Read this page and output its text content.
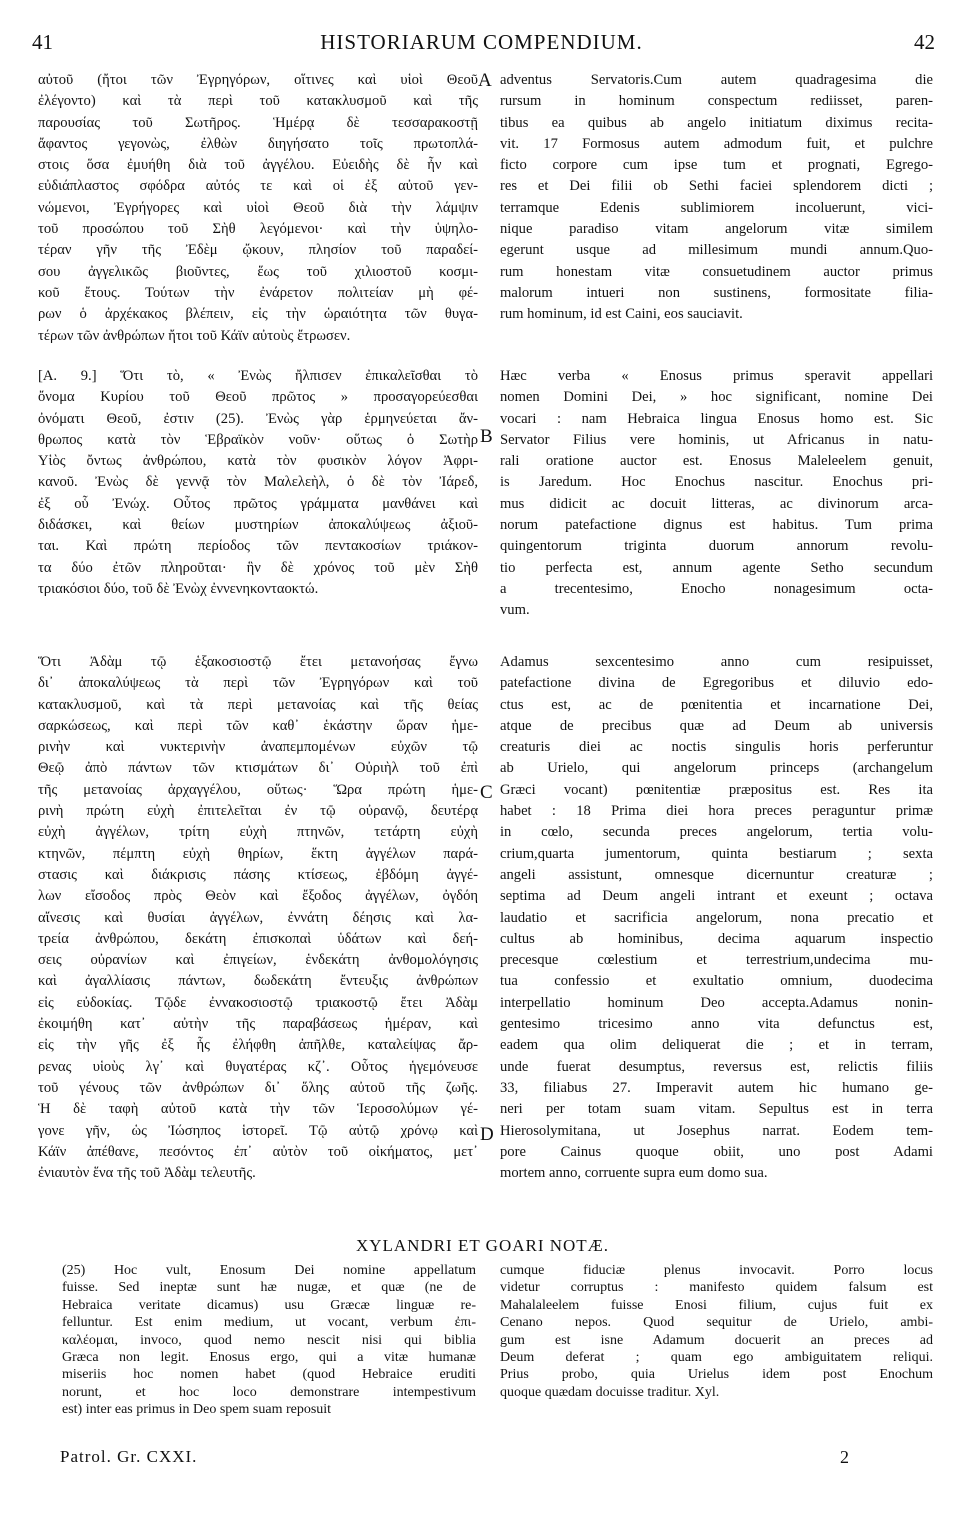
41	HISTORIARUM COMPENDIUM.	42
αὐτοῦ (ἤτοι τῶν Ἐγρηγόρων, οἵτινες καὶ υἱοὶ Θεοῦ
ἐλέγοντο) καὶ τὰ περὶ τοῦ κατακλυσμοῦ καὶ τῆς
παρουσίας τοῦ Σωτῆρος. Ἡμέρᾳ δὲ τεσσαρακοστῇ
ἄφαντος γεγονὼς, ἐλθὼν διηγήσατο τοῖς πρωτοπλά-
στοις ὅσα ἐμυήθη διὰ τοῦ ἀγγέλου. Εὐειδὴς δὲ ἦν καὶ
εὐδιάπλαστος σφόδρα αὐτός τε καὶ οἱ ἐξ αὐτοῦ γεν-
νώμενοι, Ἐγρήγορες καὶ υἱοὶ Θεοῦ διὰ τὴν λάμψιν
τοῦ προσώπου τοῦ Σὴθ λεγόμενοι· καὶ τὴν ὑψηλο-
τέραν γῆν τῆς Ἐδὲμ ᾤκουν, πλησίον τοῦ παραδεί-
σου ἀγγελικῶς βιοῦντες, ἕως τοῦ χιλιοστοῦ κοσμι-
κοῦ ἔτους. Τούτων τὴν ἐνάρετον πολιτείαν μὴ φέ-
ρων ὁ ἀρχέκακος βλέπειν, εἰς τὴν ὡραιότητα τῶν θυγα-
τέρων τῶν ἀνθρώπων ἤτοι τοῦ Κάϊν αὐτοὺς ἔτρωσεν.
adventus Servatoris.Cum autem quadragesima die
rursum in hominum conspectum rediisset, paren-
tibus ea quibus ab angelo initiatum diximus recita-
vit. 17 Formosus autem admodum fuit, et pulchre
ficto corpore cum ipse tum et prognati, Egrego-
res et Dei filii ob Sethi faciei splendorem dicti ;
terramque Edenis sublimiorem incoluerunt, vici-
nique paradiso vitam angelorum vitæ similem
egerunt usque ad millesimum mundi annum.Quo-
rum honestam vitæ consuetudinem auctor primus
malorum intueri non sustinens, formositate filia-
rum hominum, id est Caini, eos sauciavit.
[A. 9.] Ὅτι τὸ, « Ἐνὼς ἤλπισεν ἐπικαλεῖσθαι τὸ
ὄνομα Κυρίου τοῦ Θεοῦ πρῶτος » προσαγορεύεσθαι
ὀνόματι Θεοῦ, ἐστιν (25). Ἐνὼς γὰρ ἑρμηνεύεται ἄν-
θρωπος κατὰ τὸν Ἑβραϊκὸν νοῦν· οὕτως ὁ Σωτὴρ
Υἱὸς ὄντως ἀνθρώπου, κατὰ τὸν φυσικὸν λόγον Ἀφρι-
κανοῦ. Ἐνὼς δὲ γεννᾷ τὸν Μαλελεὴλ, ὁ δὲ τὸν Ἰάρεδ,
ἐξ οὗ Ἐνώχ. Οὗτος πρῶτος γράμματα μανθάνει καὶ
διδάσκει, καὶ θείων μυστηρίων ἀποκαλύψεως ἀξιοῦ-
ται. Καὶ πρώτη περίοδος τῶν πεντακοσίων τριάκον-
τα δύο ἐτῶν πληροῦται· ἣν δὲ χρόνος τοῦ μὲν Σὴθ
τριακόσιοι δύο, τοῦ δὲ Ἐνὼχ ἐννενηκονταοκτώ.
Hæc verba « Enosus primus speravit appellari
nomen Domini Dei, » hoc significant, nomine Dei
vocari : nam Hebraica lingua Enosus homo est. Sic
Servator Filius vere hominis, ut Africanus in natu-
rali oratione auctor est. Enosus Maleleelem genuit,
is Jaredum. Hoc Enochus nascitur. Enochus pri-
mus didicit ac docuit litteras, ac divinorum arca-
norum patefactione dignus est habitus. Tum prima
quingentorum triginta duorum annorum revolu-
tio perfecta est, annum agente Setho secundum
a trecentesimo, Enocho nonagesimum octa-
vum.
Ὅτι Ἀδὰμ τῷ ἑξακοσιοστῷ ἔτει μετανοήσας ἔγνω
δι᾽ ἀποκαλύψεως τὰ περὶ τῶν Ἐγρηγόρων καὶ τοῦ
κατακλυσμοῦ, καὶ τὰ περὶ μετανοίας καὶ τῆς θείας
σαρκώσεως, καὶ περὶ τῶν καθ᾽ ἑκάστην ὥραν ἡμε-
ρινὴν καὶ νυκτερινὴν ἀναπεμπομένων εὐχῶν τῷ
Θεῷ ἀπὸ πάντων τῶν κτισμάτων δι᾽ Οὐριὴλ τοῦ ἐπὶ
τῆς μετανοίας ἀρχαγγέλου, οὕτως· Ὥρα πρώτη ἡμε-
ρινὴ πρώτη εὐχὴ ἐπιτελεῖται ἐν τῷ οὐρανῷ, δευτέρᾳ
εὐχὴ ἀγγέλων, τρίτη εὐχὴ πτηνῶν, τετάρτη εὐχὴ
κτηνῶν, πέμπτη εὐχὴ θηρίων, ἕκτη ἀγγέλων παρά-
στασις καὶ διάκρισις πάσης κτίσεως, ἑβδόμη ἀγγέ-
λων εἴσοδος πρὸς Θεὸν καὶ ἔξοδος ἀγγέλων, ὀγδόη
αἴνεσις καὶ θυσίαι ἀγγέλων, ἐννάτη δέησις καὶ λα-
τρεία ἀνθρώπου, δεκάτη ἐπισκοπαὶ ὑδάτων καὶ δεή-
σεις οὐρανίων καὶ ἐπιγείων, ἑνδεκάτη ἀνθομολόγησις
καὶ ἀγαλλίασις πάντων, δωδεκάτη ἔντευξις ἀνθρώπων
εἰς εὐδοκίας. Τῷδε ἐννακοσιοστῷ τριακοστῷ ἔτει Ἀδὰμ
ἐκοιμήθη κατ᾽ αὐτὴν τῆς παραβάσεως ἡμέραν, καὶ
εἰς τὴν γῆς ἐξ ἧς ἐλήφθη ἀπῆλθε, καταλείψας ἄρ-
ρενας υἱοὺς λγ᾽ καὶ θυγατέρας κζ᾽. Οὗτος ἡγεμόνευσε
τοῦ γένους τῶν ἀνθρώπων δι᾽ ὅλης αὐτοῦ τῆς ζωῆς.
Ἡ δὲ ταφὴ αὐτοῦ κατὰ τὴν τῶν Ἱεροσολύμων γέ-
γονε γῆν, ὡς Ἰώσηπος ἱστορεῖ. Τῷ αὐτῷ χρόνῳ καὶ
Κάϊν ἀπέθανε, πεσόντος ἐπ᾽ αὐτὸν τοῦ οἰκήματος, μετ᾽
ἐνιαυτὸν ἕνα τῆς τοῦ Ἀδὰμ τελευτῆς.
Adamus sexcentesimo anno cum resipuisset,
patefactione divina de Egregoribus et diluvio edo-
ctus est, ac de pœnitentia et incarnatione Dei,
atque de precibus quæ ad Deum ab universis
creaturis diei ac noctis singulis horis perferuntur
ab Urielo, qui angelorum princeps (archangelum
Græci vocant) pœnitentiæ præpositus est. Res ita
habet : 18 Prima diei hora preces peraguntur primæ
in cœlo, secunda preces angelorum, tertia volu-
crium,quarta jumentorum, quinta bestiarum ; sexta
angeli assistunt, omnesque dicernuntur creaturæ ;
septima ad Deum angeli intrant et exeunt ; octava
laudatio et sacrificia angelorum, nona precatio et
cultus ab hominibus, decima aquarum inspectio
precesque cœlestium et terrestrium,undecima mu-
tua confessio et exultatio omnium, duodecima
interpellatio hominum Deo accepta.Adamus nonin-
gentesimo tricesimo anno vita defunctus est,
eadem qua olim deliquerat die ; et in terram,
unde fuerat desumptus, reversus est, relictis filiis
33, filiabus 27. Imperavit autem hic humano ge-
neri per totam suam vitam. Sepultus est in terra
Hierosolymitana, ut Josephus narrat. Eodem tem-
pore Cainus quoque obiit, uno post Adami
mortem anno, corruente supra eum domo sua.
A
B
C
D
XYLANDRI ET GOARI NOTÆ.
(25) Hoc vult, Enosum Dei nomine appellatum
fuisse. Sed ineptæ sunt hæ nugæ, et quæ (ne de
Hebraica veritate dicamus) usu Græcæ linguæ re-
felluntur. Est enim medium, ut vocant, verbum ἐπι-
καλέομαι, invoco, quod nemo nescit nisi qui biblia
Græca non legit. Enosus ergo, qui a vitæ humanæ
miseriis hoc nomen habet (quod Hebraice eruditi
norunt, et hoc loco demonstrare intempestivum
est) inter eas primus in Deo spem suam reposuit
cumque fiduciæ plenus invocavit. Porro locus
videtur corruptus : manifesto quidem falsum est
Mahalaleelem fuisse Enosi filium, cujus fuit ex
Cenano nepos. Quod sequitur de Urielo, ambi-
gum est isne Adamum docuerit an preces ad
Deum deferat ; quam ego ambiguitatem reliqui.
Prius probo, quia Urielus idem post Enochum
quoque quædam docuisse traditur. Xyl.
Patrol. Gr. CXXI.	2
